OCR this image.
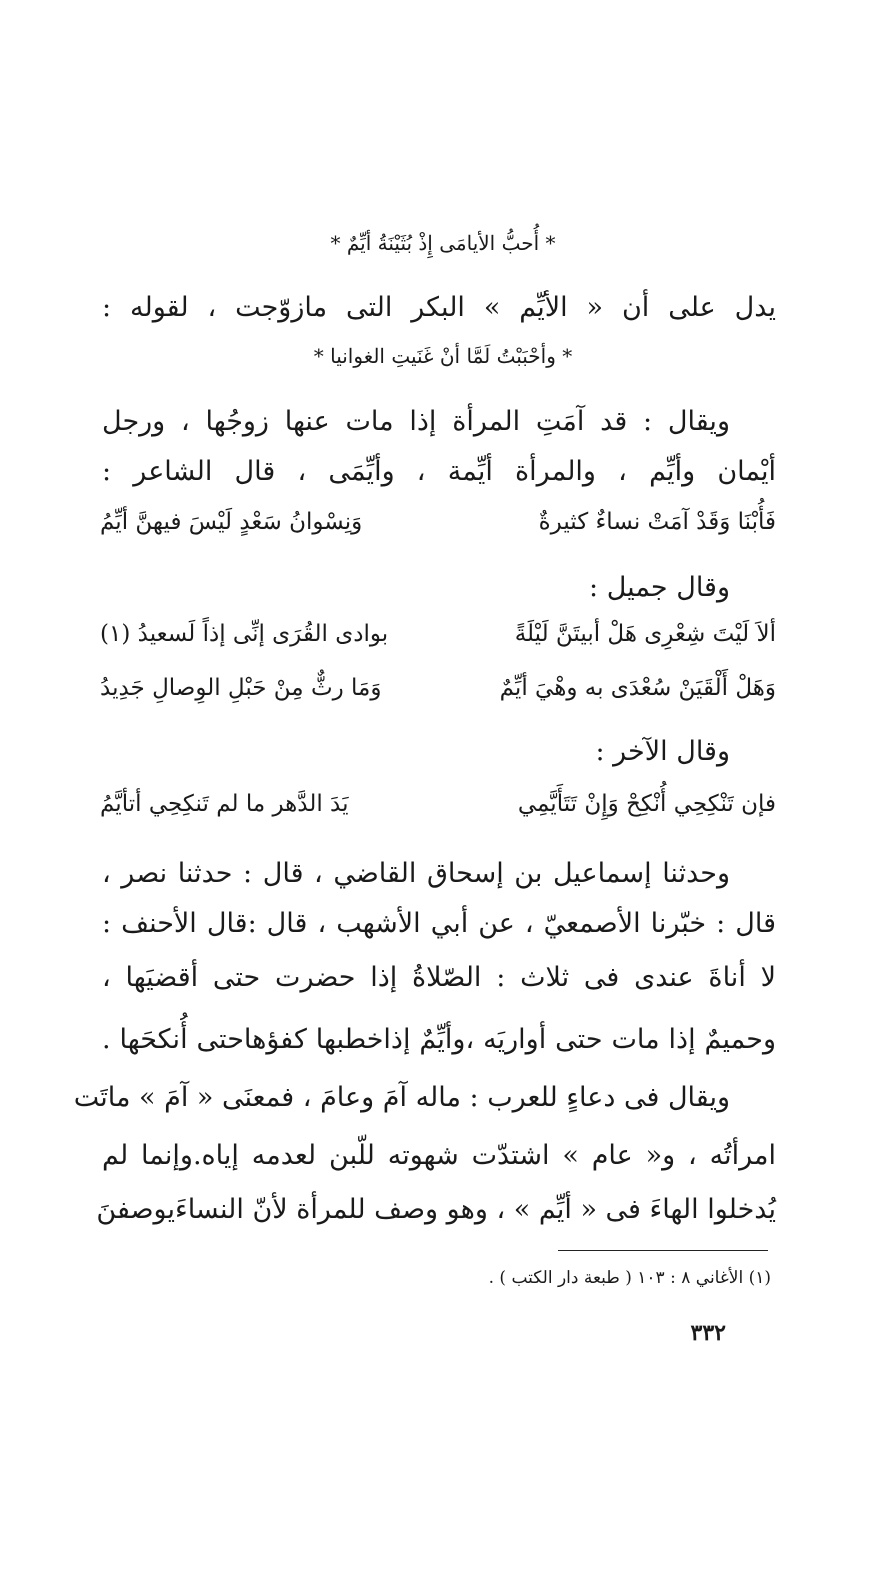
* أُحبُّ الأيامَى إِذْ بُثَيْنَةُ أيِّمٌ *
يدل على أن « الأيِّم » البكر التى مازوّجت ، لقوله :
* وأحْبَبْتُ لَمَّا أنْ غَنَيتِ الغوانيا *
ويقال : قد آمَتِ المرأة إذا مات عنها زوجُها ، ورجل
أيْمان وأيِّم ، والمرأة أيِّمة ، وأيِّمَى ، قال الشاعر :
فَأُبْنَا وَقَدْ آمَتْ نساءٌ كثيرةٌ
وَنِسْوانُ سَعْدٍ لَيْسَ فيهنَّ أيِّمُ
وقال جميل :
ألاَ لَيْتَ شِعْرِى هَلْ أبيتَنَّ لَيْلَةً
بوادى القُرَى إنِّى إذاً لَسعيدُ (١)
وَهَلْ أَلْقَيَنْ سُعْدَى به وهْيَ أيِّمٌ
وَمَا رثٌّ مِنْ حَبْلِ الوِصالِ جَدِيدُ
وقال الآخر :
فإن تَنْكِحِي أُنْكِحْ وَإِنْ تَتَأَيَّمِي
يَدَ الدَّهر ما لم تَنكِحِي أتأيَّمُ
وحدثنا إسماعيل بن إسحاق القاضي ، قال : حدثنا نصر ،
قال : خبّرنا الأصمعيّ ، عن أبي الأشهب ، قال :قال الأحنف :
لا أناةَ عندى فى ثلاث : الصّلاةُ إذا حضرت حتى أقضيَها ،
وحميمٌ إذا مات حتى أواريَه ،وأيِّمٌ إذاخطبها كفؤهاحتى أُنكحَها .
ويقال فى دعاءٍ للعرب : ماله آمَ وعامَ ، فمعنَى « آمَ » ماتَت
امرأتُه ، و« عام » اشتدّت شهوته للّبن لعدمه إياه.وإنما لم
يُدخلوا الهاءَ فى « أيِّم » ، وهو وصف للمرأة لأنّ النساءَيوصفنَ
(١) الأغاني ٨ : ١٠٣ ( طبعة دار الكتب ) .
٣٣٢
